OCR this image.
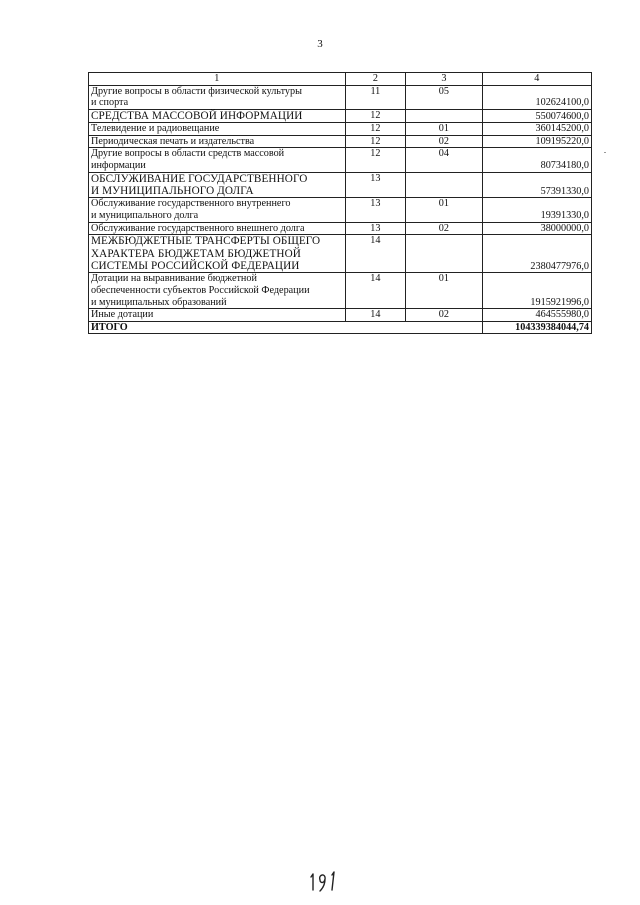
3
1	2	3	4

Другие вопросы в области физической культуры
и спорта	11	05	102624100,0

СРЕДСТВА МАССОВОЙ ИНФОРМАЦИИ	12		550074600,0

Телевидение и радиовещание	12	01	360145200,0

Периодическая печать и издательства	12	02	109195220,0

Другие вопросы в области средств массовой
информации	12	04	80734180,0

ОБСЛУЖИВАНИЕ ГОСУДАРСТВЕННОГО
И МУНИЦИПАЛЬНОГО ДОЛГА	13		57391330,0

Обслуживание государственного внутреннего
и муниципального долга	13	01	19391330,0

Обслуживание государственного внешнего долга	13	02	38000000,0

МЕЖБЮДЖЕТНЫЕ ТРАНСФЕРТЫ ОБЩЕГО
ХАРАКТЕРА БЮДЖЕТАМ БЮДЖЕТНОЙ
СИСТЕМЫ РОССИЙСКОЙ ФЕДЕРАЦИИ	14		2380477976,0

Дотации на выравнивание бюджетной
обеспеченности субъектов Российской Федерации
и муниципальных образований	14	01	1915921996,0

Иные дотации	14	02	464555980,0
ИТОГО			104339384044,74
